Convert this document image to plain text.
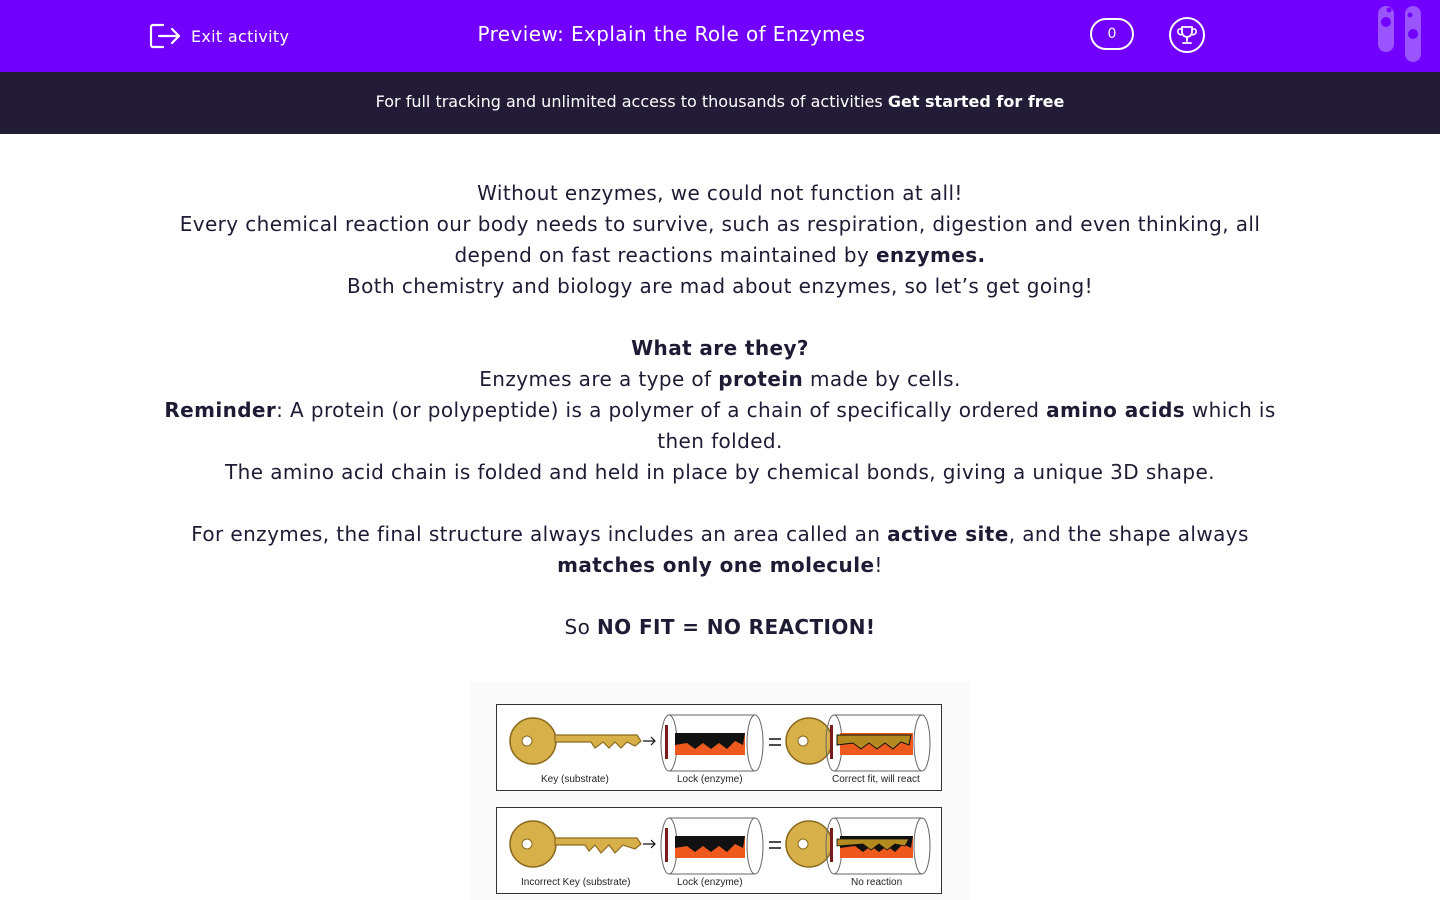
Exit activity	Preview: Explain the Role of Enzymes	0
For full tracking and unlimited access to thousands of activities Get started for free

Without enzymes, we could not function at all!

Every chemical reaction our body needs to survive, such as respiration, digestion and even thinking, all depend on fast reactions maintained by enzymes.

Both chemistry and biology are mad about enzymes, so let’s get going!

What are they?

Enzymes are a type of protein made by cells.

Reminder: A protein (or polypeptide) is a polymer of a chain of specifically ordered amino acids which is then folded.

The amino acid chain is folded and held in place by chemical bonds, giving a unique 3D shape.

For enzymes, the final structure always includes an area called an active site, and the shape always matches only one molecule!

So NO FIT = NO REACTION!

Key (substrate)	Lock (enzyme)	Correct fit, will react
Incorrect Key (substrate)	Lock (enzyme)	No reaction
